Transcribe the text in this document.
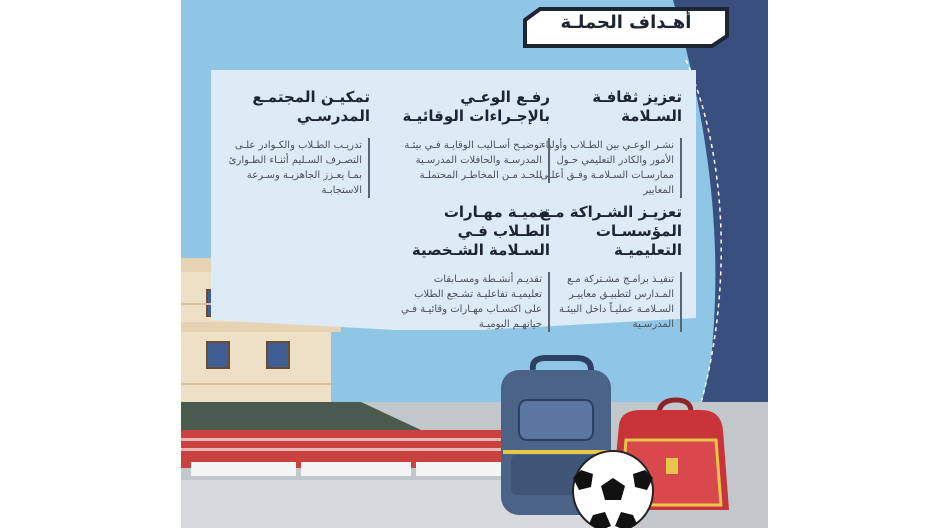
أهـداف الحملـة
تعزيز ثقافـة السـلامة
نشـر الوعـي بين الطـلاب وأولياء الأمور والكادر التعليمي حـول ممارسـات السـلامـة وفـق أعلـى المعايير
رفـع الوعـي بالإجـراءات الوقائيـة
توضيـح أسـاليب الوقايـة فـي بيئـة المدرسـة والحافلات المدرسـية للحـد مـن المخاطـر المحتملـة
تمكيـن المجتمـع المدرسـي
تدريـب الطـلاب والكـوادر علـى التصـرف السـليم أثنـاء الطـوارئ بمـا يعـزز الجاهزيـة وسـرعة الاستجابـة
تعزيـز الشـراكة مـع المؤسسـات التعليميـة
تنفيـذ برامـج مشـتركة مـع المـدارس لتطبيـق معاييـر السـلامـة عمليـاً داخل البيئـة المدرسـية
تنميـة مهـارات الطـلاب فـي السـلامة الشـخصية
تقديـم أنشـطة ومسـابقات تعليميـة تفاعليـة تشـجع الطلاب على اكتسـاب مهـارات وقائيـة فـي حياتهـم اليوميـة
